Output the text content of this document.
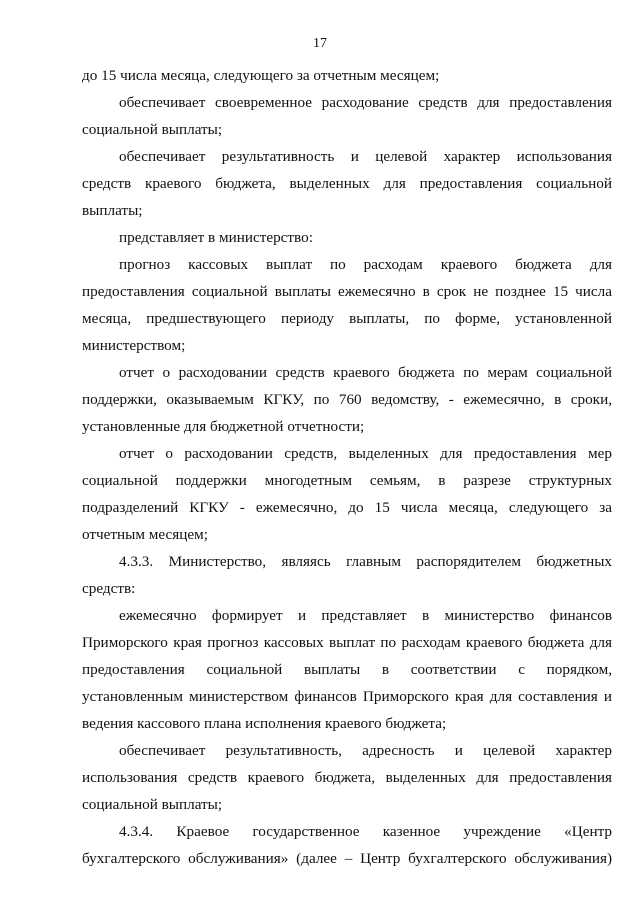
17
до 15 числа месяца, следующего за отчетным месяцем;
обеспечивает своевременное расходование средств для предоставления
социальной выплаты;
обеспечивает результативность и целевой характер использования
средств краевого бюджета, выделенных для предоставления социальной
выплаты;
представляет в министерство:
прогноз кассовых выплат по расходам краевого бюджета для
предоставления социальной выплаты ежемесячно в срок не позднее 15 числа
месяца, предшествующего периоду выплаты, по форме, установленной
министерством;
отчет о расходовании средств краевого бюджета по мерам социальной
поддержки, оказываемым КГКУ, по 760 ведомству, - ежемесячно, в сроки,
установленные для бюджетной отчетности;
отчет о расходовании средств, выделенных для предоставления мер
социальной поддержки многодетным семьям, в разрезе структурных
подразделений КГКУ - ежемесячно, до 15 числа месяца, следующего за
отчетным месяцем;
4.3.3. Министерство, являясь главным распорядителем бюджетных
средств:
ежемесячно формирует и представляет в министерство финансов
Приморского края прогноз кассовых выплат по расходам краевого бюджета для
предоставления социальной выплаты в соответствии с порядком,
установленным министерством финансов Приморского края для составления и
ведения кассового плана исполнения краевого бюджета;
обеспечивает результативность, адресность и целевой характер
использования средств краевого бюджета, выделенных для предоставления
социальной выплаты;
4.3.4. Краевое государственное казенное учреждение «Центр
бухгалтерского обслуживания» (далее – Центр бухгалтерского обслуживания)
